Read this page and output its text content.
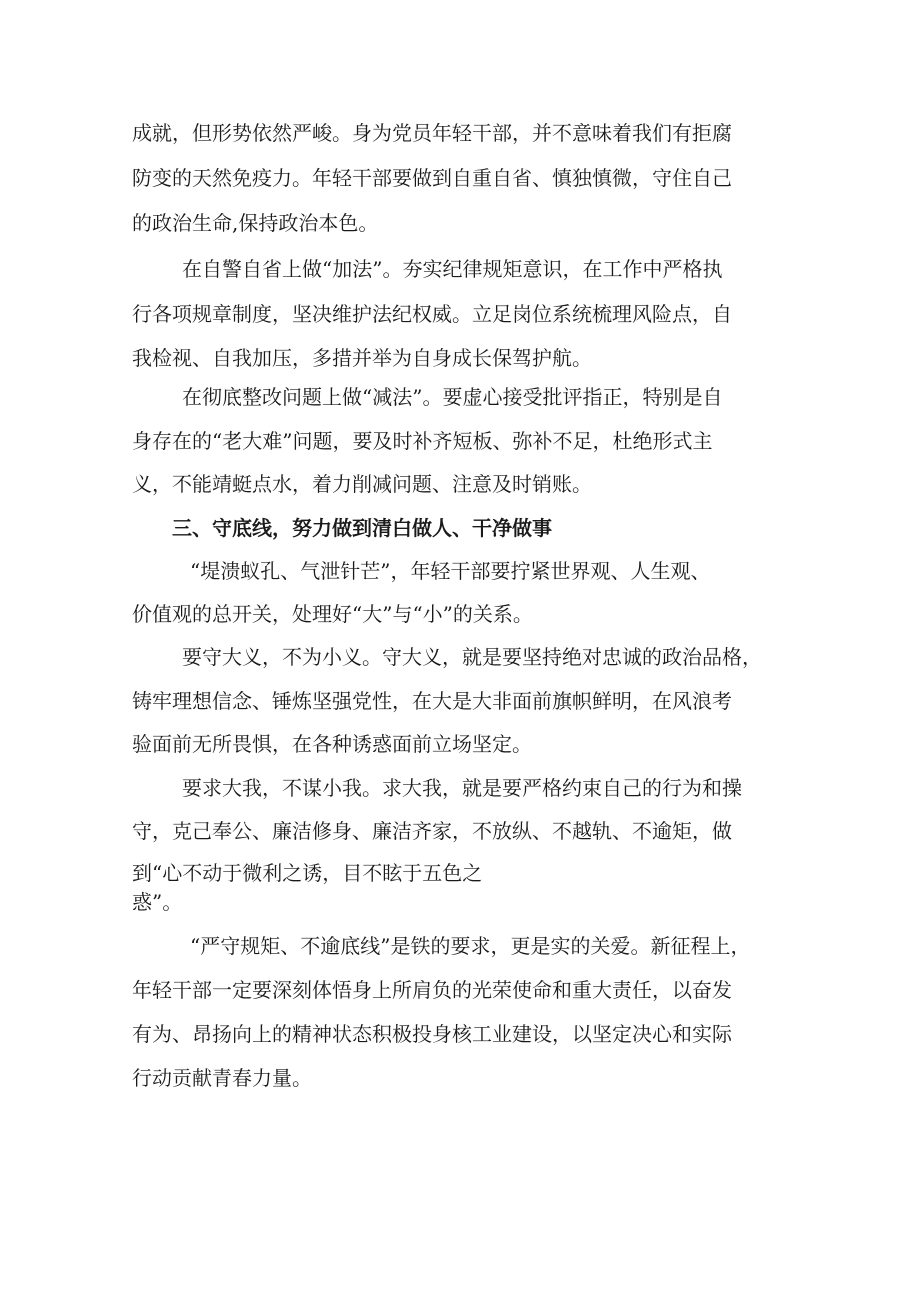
成就，但形势依然严峻。身为党员年轻干部，并不意味着我们有拒腐

防变的天然免疫力。年轻干部要做到自重自省、慎独慎微，守住自己

的政治生命,保持政治本色。

在自警自省上做“加法”。夯实纪律规矩意识，在工作中严格执

行各项规章制度，坚决维护法纪权威。立足岗位系统梳理风险点，自

我检视、自我加压，多措并举为自身成长保驾护航。

在彻底整改问题上做“减法”。要虚心接受批评指正，特别是自

身存在的“老大难”问题，要及时补齐短板、弥补不足，杜绝形式主

义，不能靖蜓点水，着力削减问题、注意及时销账。

三、守底线，努力做到清白做人、干净做事

“堤溃蚁孔、气泄针芒”，年轻干部要拧紧世界观、人生观、

价值观的总开关，处理好“大”与“小”的关系。

要守大义，不为小义。守大义，就是要坚持绝对忠诚的政治品格，

铸牢理想信念、锤炼坚强党性，在大是大非面前旗帜鲜明，在风浪考

验面前无所畏惧，在各种诱惑面前立场坚定。

要求大我，不谋小我。求大我，就是要严格约束自己的行为和操

守，克己奉公、廉洁修身、廉洁齐家，不放纵、不越轨、不逾矩，做

到“心不动于微利之诱，目不眩于五色之

惑”。

“严守规矩、不逾底线”是铁的要求，更是实的关爱。新征程上，

年轻干部一定要深刻体悟身上所肩负的光荣使命和重大责任，以奋发

有为、昂扬向上的精神状态积极投身核工业建设，以坚定决心和实际

行动贡献青春力量。
